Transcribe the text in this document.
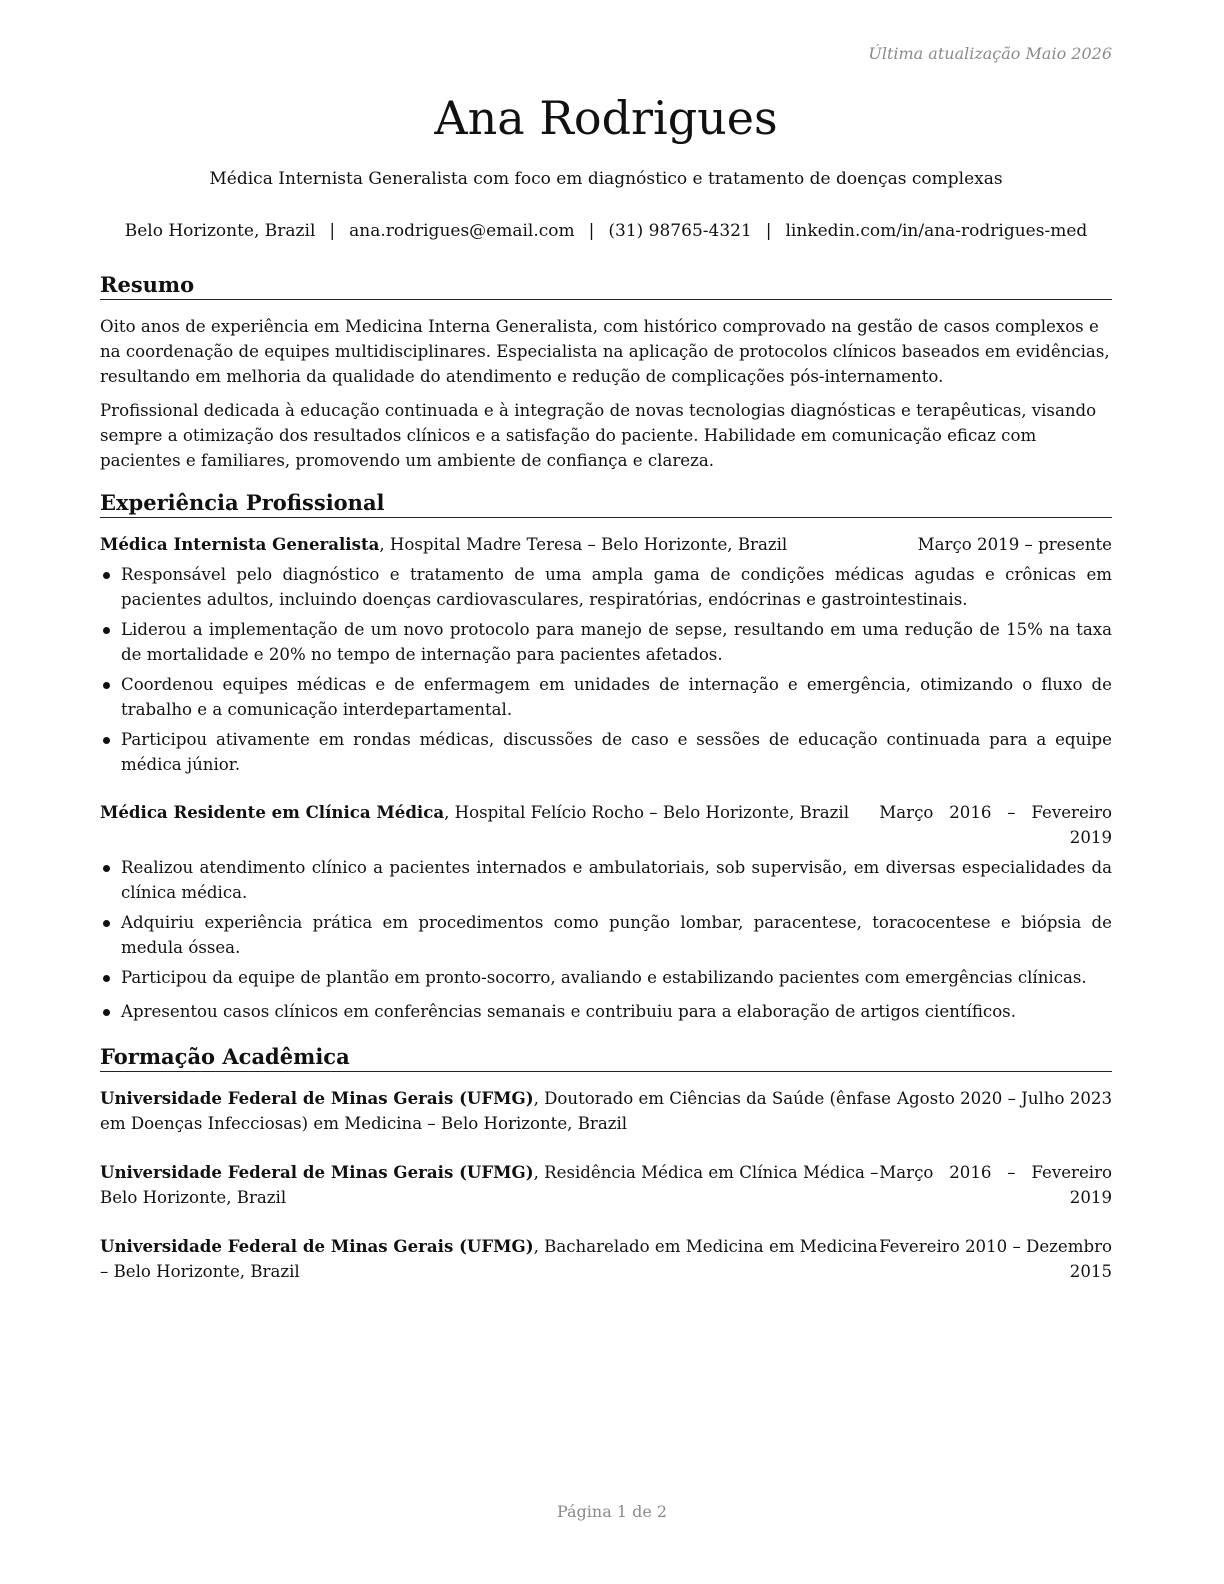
Última atualização Maio 2026
Ana Rodrigues
Médica Internista Generalista com foco em diagnóstico e tratamento de doenças complexas
Belo Horizonte, Brazil | ana.rodrigues@email.com | (31) 98765-4321 | linkedin.com/in/ana-rodrigues-med
Resumo

Oito anos de experiência em Medicina Interna Generalista, com histórico comprovado na gestão de casos complexos e na coordenação de equipes multidisciplinares. Especialista na aplicação de protocolos clínicos baseados em evidências, resultando em melhoria da qualidade do atendimento e redução de complicações pós-internamento.

Profissional dedicada à educação continuada e à integração de novas tecnologias diagnósticas e terapêuticas, visando sempre a otimização dos resultados clínicos e a satisfação do paciente. Habilidade em comunicação eficaz com pacientes e familiares, promovendo um ambiente de confiança e clareza.

Experiência Profissional
Médica Internista Generalista, Hospital Madre Teresa – Belo Horizonte, Brazil	Março 2019 – presente
Responsável pelo diagnóstico e tratamento de uma ampla gama de condições médicas agudas e crônicas em pacientes adultos, incluindo doenças cardiovasculares, respiratórias, endócrinas e gastrointestinais.
Liderou a implementação de um novo protocolo para manejo de sepse, resultando em uma redução de 15% na taxa de mortalidade e 20% no tempo de internação para pacientes afetados.
Coordenou equipes médicas e de enfermagem em unidades de internação e emergência, otimizando o fluxo de trabalho e a comunicação interdepartamental.
Participou ativamente em rondas médicas, discussões de caso e sessões de educação continuada para a equipe médica júnior.
Médica Residente em Clínica Médica, Hospital Felício Rocho – Belo Horizonte, Brazil Março   2016   –   Fevereiro
2019
Realizou atendimento clínico a pacientes internados e ambulatoriais, sob supervisão, em diversas especialidades da clínica médica.
Adquiriu experiência prática em procedimentos como punção lombar, paracentese, toracocentese e biópsia de medula óssea.
Participou da equipe de plantão em pronto-socorro, avaliando e estabilizando pacientes com emergências clínicas.
Apresentou casos clínicos em conferências semanais e contribuiu para a elaboração de artigos científicos.
Formação Acadêmica
Universidade Federal de Minas Gerais (UFMG), Doutorado em Ciências da Saúde (ênfase
em Doenças Infecciosas) em Medicina – Belo Horizonte, Brazil
Agosto 2020 – Julho 2023
Universidade Federal de Minas Gerais (UFMG), Residência Médica em Clínica Médica –
Belo Horizonte, Brazil
Março   2016   –   Fevereiro
2019
Universidade Federal de Minas Gerais (UFMG), Bacharelado em Medicina em Medicina
– Belo Horizonte, Brazil
Fevereiro 2010 – Dezembro
2015
Página 1 de 2
